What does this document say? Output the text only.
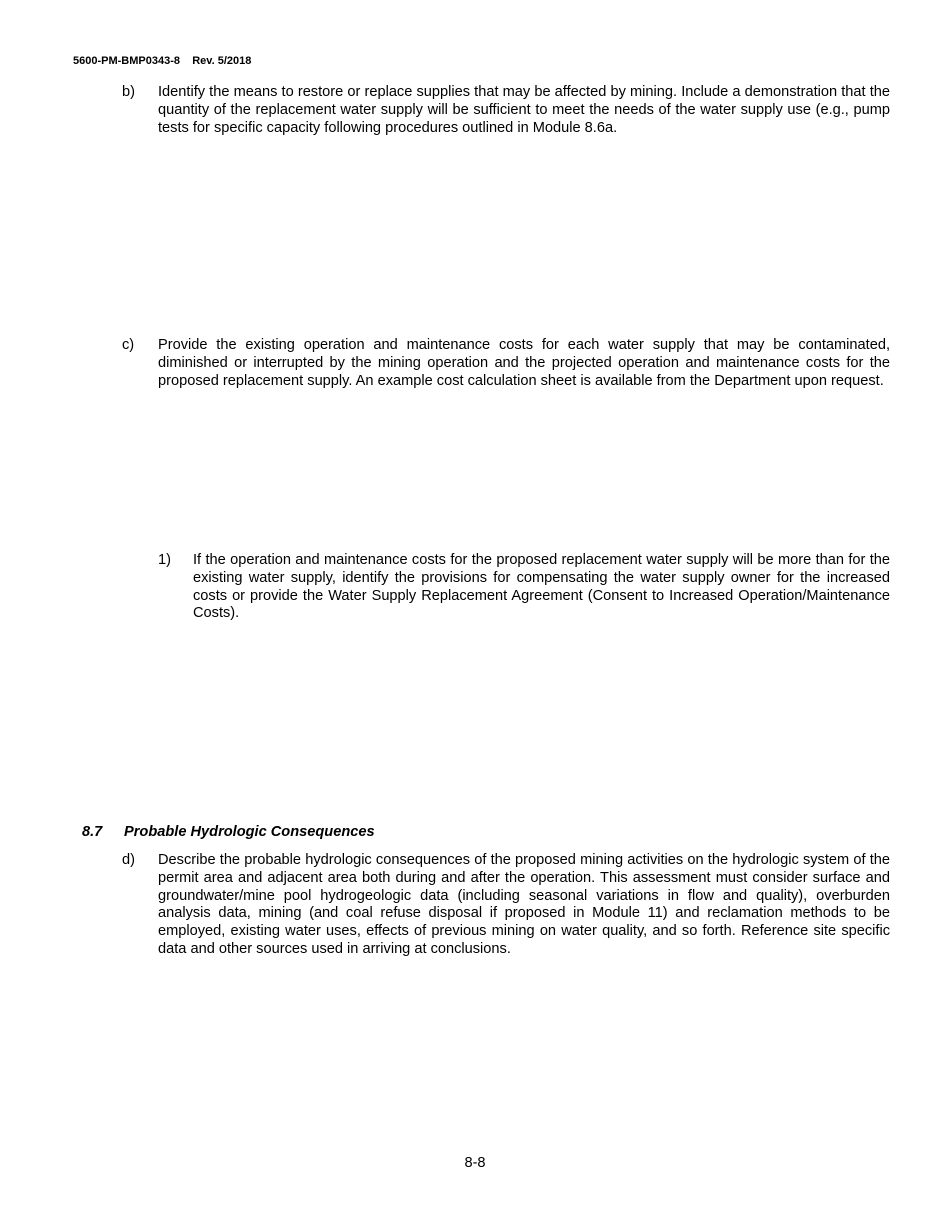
5600-PM-BMP0343-8 Rev. 5/2018
b) Identify the means to restore or replace supplies that may be affected by mining. Include a demonstration that the quantity of the replacement water supply will be sufficient to meet the needs of the water supply use (e.g., pump tests for specific capacity following procedures outlined in Module 8.6a.
c) Provide the existing operation and maintenance costs for each water supply that may be contaminated, diminished or interrupted by the mining operation and the projected operation and maintenance costs for the proposed replacement supply. An example cost calculation sheet is available from the Department upon request.
1) If the operation and maintenance costs for the proposed replacement water supply will be more than for the existing water supply, identify the provisions for compensating the water supply owner for the increased costs or provide the Water Supply Replacement Agreement (Consent to Increased Operation/Maintenance Costs).
8.7 Probable Hydrologic Consequences
d) Describe the probable hydrologic consequences of the proposed mining activities on the hydrologic system of the permit area and adjacent area both during and after the operation. This assessment must consider surface and groundwater/mine pool hydrogeologic data (including seasonal variations in flow and quality), overburden analysis data, mining (and coal refuse disposal if proposed in Module 11) and reclamation methods to be employed, existing water uses, effects of previous mining on water quality, and so forth. Reference site specific data and other sources used in arriving at conclusions.
8-8
